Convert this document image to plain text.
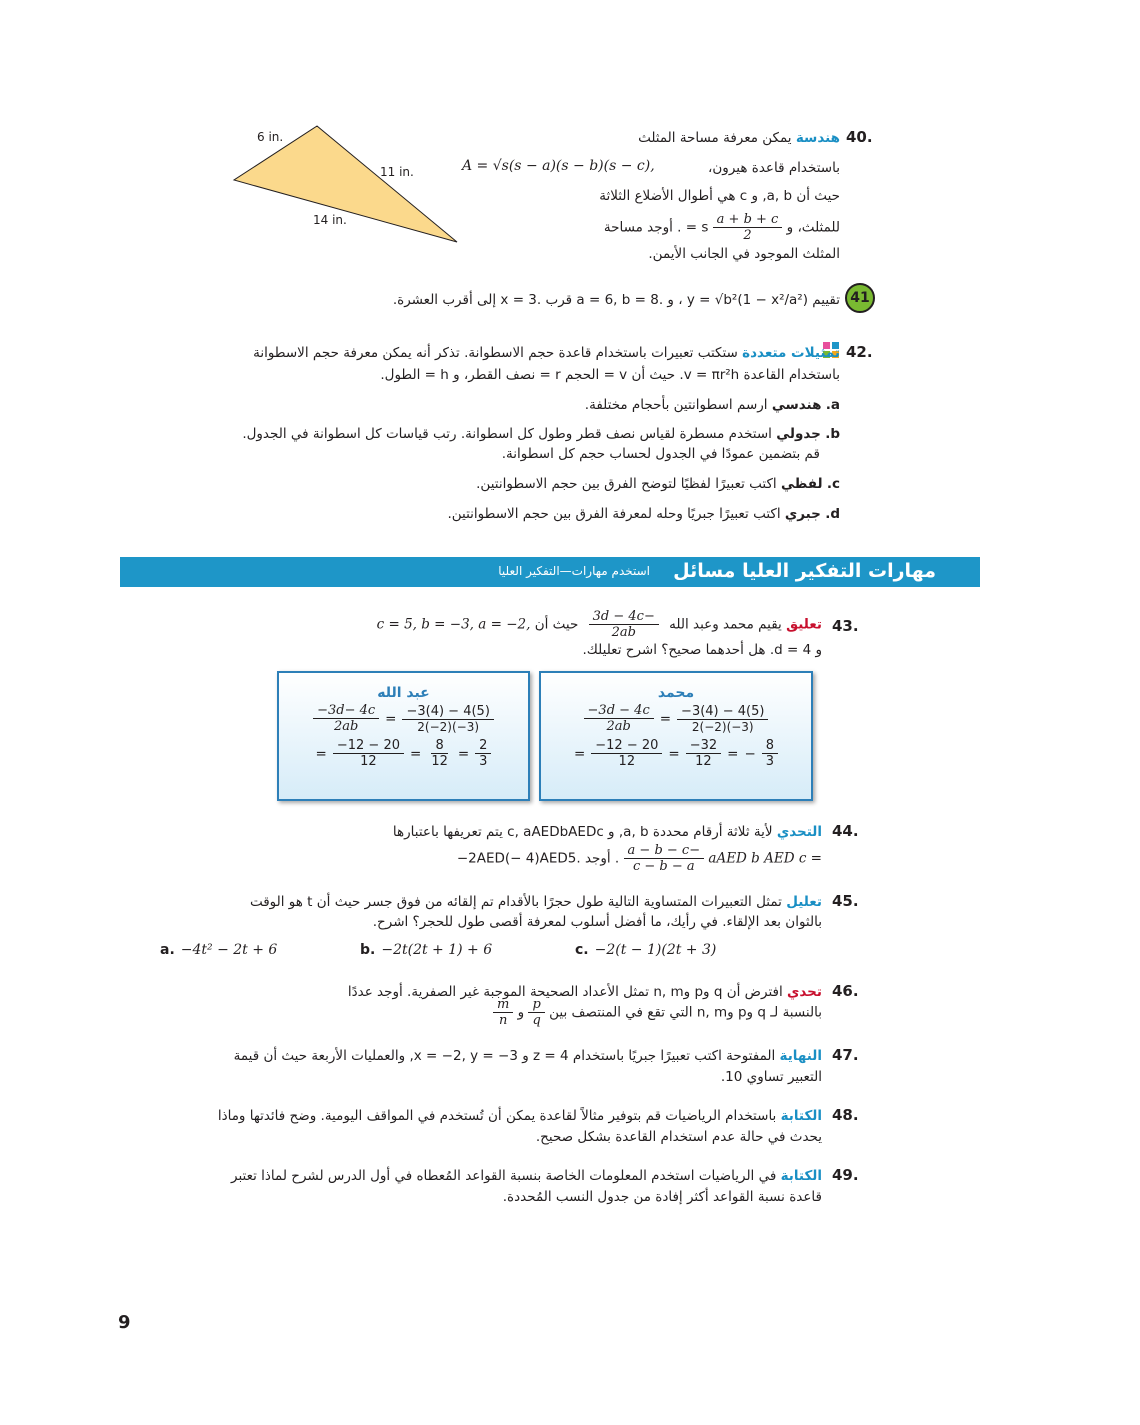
6 in.
11 in.
14 in.
40.
هندسة يمكن معرفة مساحة المثلث
باستخدام قاعدة هيرون،
A = √s(s − a)(s − b)(s − c),
حيث أن a, b, و c هي أطوال الأضلاع الثلاثة
للمثلث، و
$\frac{a + b + c}{2}$
s = . أوجد مساحة
المثلث الموجود في الجانب الأيمن.
41
تقييم y = √b²(1 − x²/a²) ، و .a = 6, b = 8 قرب .x = 3 إلى أقرب العشرة.
42.
تمثيلات متعددة ستكتب تعبيرات باستخدام قاعدة حجم الاسطوانة. تذكر أنه يمكن معرفة حجم الاسطوانة
باستخدام القاعدة v = πr²h. حيث أن v = الحجم r = نصف القطر، و h = الطول.
a. هندسي ارسم اسطوانتين بأحجام مختلفة.
b. جدولي استخدم مسطرة لقياس نصف قطر وطول كل اسطوانة. رتب قياسات كل اسطوانة في الجدول.
قم بتضمين عمودًا في الجدول لحساب حجم كل اسطوانة.
c. لفظي اكتب تعبيرًا لفظيًا لتوضح الفرق بين حجم الاسطوانتين.
d. جبري اكتب تعبيرًا جبريًا وحله لمعرفة الفرق بين حجم الاسطوانتين.
مهارات التفكير العليا مسائل
استخدم مهارات—التفكير العليا
43.
تعليق يقيم محمد وعبد الله
$\frac{-3d - 4c}{2ab}$
حيث أن c = 5, b = −3, a = −2,
و d = 4. هل أحدهما صحيح؟ اشرح تعليلك.
عبد الله
$\frac{-3d- 4c}{2ab} = \frac{-3(4) - 4(5)}{2(-2)(-3)}$
= $\frac{-12 - 20}{12} = \frac{8}{12} = \frac{2}{3}$
محمد
$\frac{-3d - 4c}{2ab} = \frac{-3(4) - 4(5)}{2(-2)(-3)}$
= $\frac{-12 - 20}{12} = \frac{-32}{12}$ = − $\frac{8}{3}$
44.
التحدي لأية ثلاثة أرقام محددة a, b, و c, aAEDbAEDc يتم تعريفها باعتبارها
aAED b AED c =
$\frac{-a - b - c}{c - b - a}$
. أوجد −2AED(− 4)AED5.
45.
تعليل تمثل التعبيرات المتساوية التالية طول حجرًا بالأقدام تم إلقائه من فوق جسر حيث أن t هو الوقت
بالثوان بعد الإلقاء. في رأيك، ما أفضل أسلوب لمعرفة أقصى طول للحجر؟ اشرح.
a. −4t² − 2t + 6	b. −2t(2t + 1) + 6	c. −2(t − 1)(2t + 3)
46.
تحدي افترض أن q وp وn, m تمثل الأعداد الصحيحة الموجبة غير الصفرية. أوجد عددًا
بالنسبة لـ q وp وn, m التي تقع في المنتصف بين
$\frac{p}{q}$
و
$\frac{m}{n}$
47.
النهاية المفتوحة اكتب تعبيرًا جبريًا باستخدام z = 4 و x = −2, y = −3, والعمليات الأربعة حيث أن قيمة
التعبير تساوي 10.
48.
الكتابة باستخدام الرياضيات قم بتوفير مثالاً لقاعدة يمكن أن تُستخدم في المواقف اليومية. وضح فائدتها وماذا
يحدث في حالة عدم استخدام القاعدة بشكل صحيح.
49.
الكتابة في الرياضيات استخدم المعلومات الخاصة بنسبة القواعد المُعطاه في أول الدرس لشرح لماذا تعتبر
قاعدة نسبة القواعد أكثر إفادة من جدول النسب المُحددة.
9
